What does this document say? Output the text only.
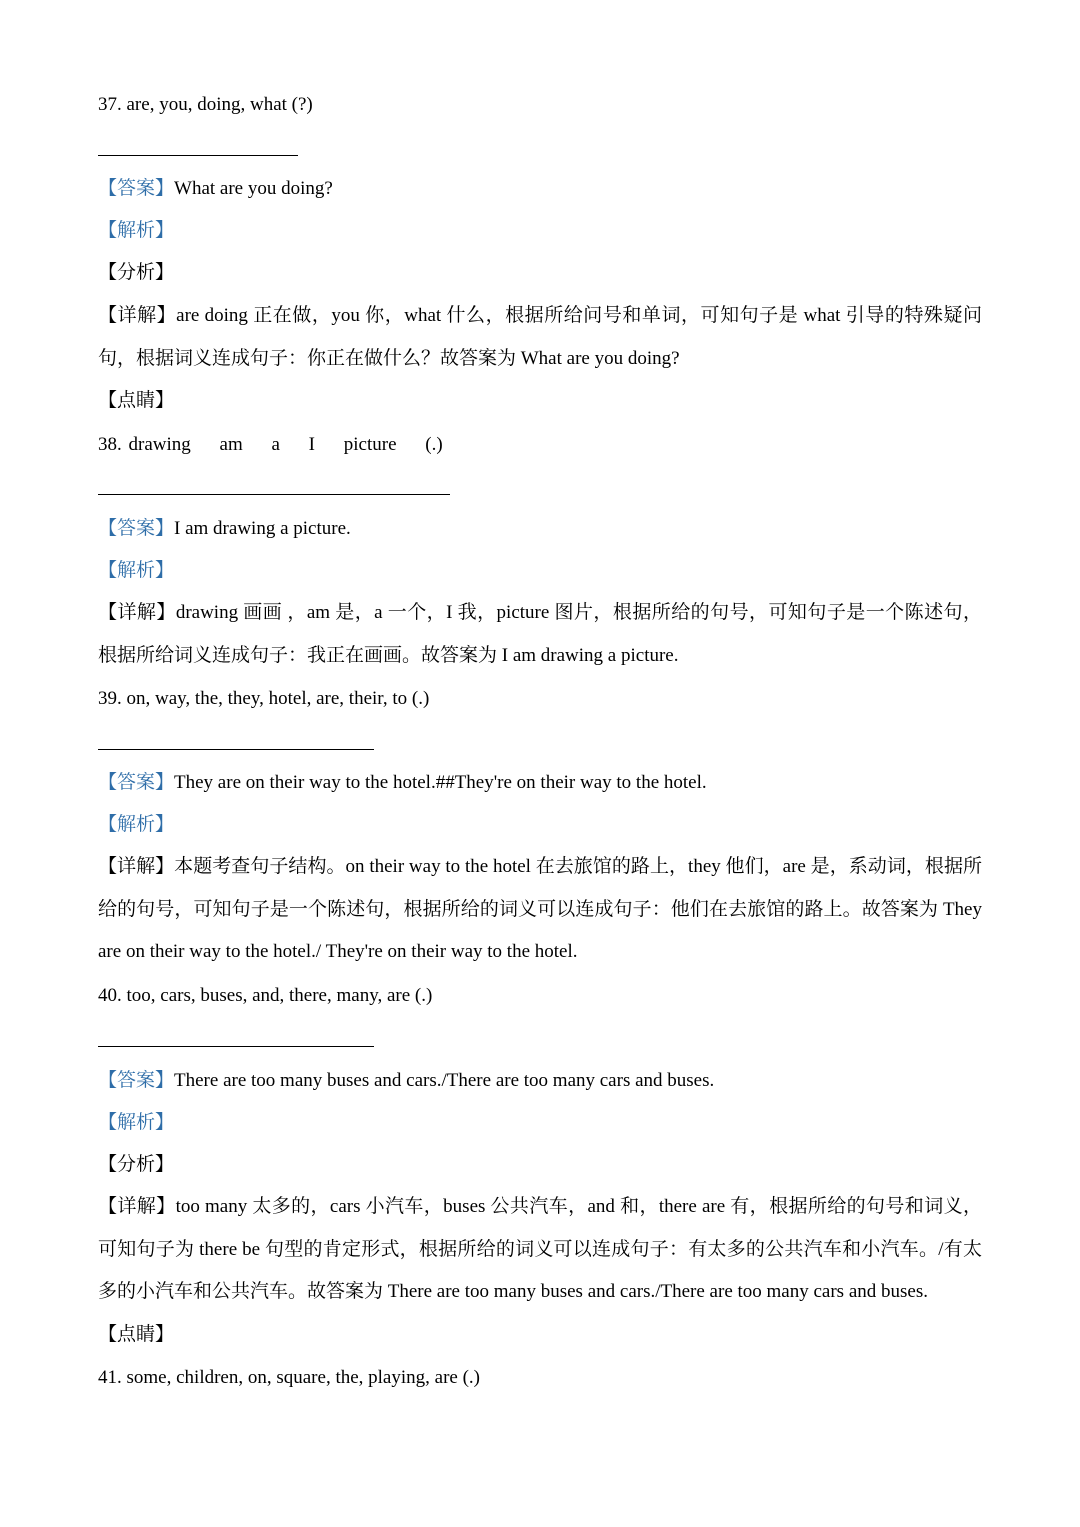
37. are, you, doing, what (?)
【答案】What are you doing?
【解析】
【分析】
【详解】are doing 正在做，you 你，what 什么，根据所给问号和单词，可知句子是 what 引导的特殊疑问句，根据词义连成句子：你正在做什么？故答案为 What are you doing?
【点睛】
38. drawing am a I picture (.)
【答案】I am drawing a picture.
【解析】
【详解】drawing 画画 ，am 是，a 一个，I 我，picture 图片，根据所给的句号，可知句子是一个陈述句，根据所给词义连成句子：我正在画画。故答案为 I am drawing a picture.
39. on, way, the, they, hotel, are, their, to (.)
【答案】They are on their way to the hotel.##They're on their way to the hotel.
【解析】
【详解】本题考查句子结构。on their way to the hotel 在去旅馆的路上，they 他们，are 是，系动词，根据所给的句号，可知句子是一个陈述句，根据所给的词义可以连成句子：他们在去旅馆的路上。故答案为 They are on their way to the hotel./ They're on their way to the hotel.
40. too, cars, buses, and, there, many, are (.)
【答案】There are too many buses and cars./There are too many cars and buses.
【解析】
【分析】
【详解】too many 太多的，cars 小汽车，buses 公共汽车，and 和，there are 有，根据所给的句号和词义，可知句子为 there be 句型的肯定形式，根据所给的词义可以连成句子：有太多的公共汽车和小汽车。/有太多的小汽车和公共汽车。故答案为 There are too many buses and cars./There are too many cars and buses.
【点睛】
41. some, children, on, square, the, playing, are (.)
